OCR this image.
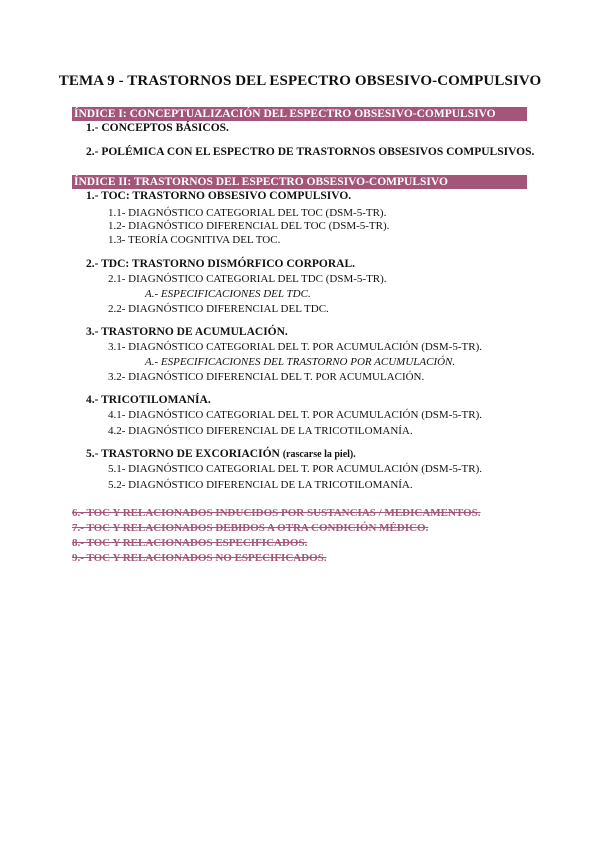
TEMA 9 - TRASTORNOS DEL ESPECTRO OBSESIVO-COMPULSIVO
ÍNDICE I: CONCEPTUALIZACIÓN DEL ESPECTRO OBSESIVO-COMPULSIVO
1.- CONCEPTOS BÁSICOS.
2.- POLÉMICA CON EL ESPECTRO DE TRASTORNOS OBSESIVOS COMPULSIVOS.
ÍNDICE II: TRASTORNOS DEL ESPECTRO OBSESIVO-COMPULSIVO
1.- TOC: TRASTORNO OBSESIVO COMPULSIVO.
1.1- DIAGNÓSTICO CATEGORIAL DEL TOC (DSM-5-TR).
1.2- DIAGNÓSTICO DIFERENCIAL DEL TOC (DSM-5-TR).
1.3- TEORÍA COGNITIVA DEL TOC.
2.- TDC: TRASTORNO DISMÓRFICO CORPORAL.
2.1- DIAGNÓSTICO CATEGORIAL DEL TDC (DSM-5-TR).
A.- ESPECIFICACIONES DEL TDC.
2.2- DIAGNÓSTICO DIFERENCIAL DEL TDC.
3.- TRASTORNO DE ACUMULACIÓN.
3.1- DIAGNÓSTICO CATEGORIAL DEL T. POR ACUMULACIÓN (DSM-5-TR).
A.- ESPECIFICACIONES DEL TRASTORNO POR ACUMULACIÓN.
3.2- DIAGNÓSTICO DIFERENCIAL DEL T. POR ACUMULACIÓN.
4.- TRICOTILOMANÍA.
4.1- DIAGNÓSTICO CATEGORIAL DEL T. POR ACUMULACIÓN (DSM-5-TR).
4.2- DIAGNÓSTICO DIFERENCIAL DE LA TRICOTILOMANÍA.
5.- TRASTORNO DE EXCORIACIÓN (rascarse la piel).
5.1- DIAGNÓSTICO CATEGORIAL DEL T. POR ACUMULACIÓN (DSM-5-TR).
5.2- DIAGNÓSTICO DIFERENCIAL DE LA TRICOTILOMANÍA.
6.- TOC Y RELACIONADOS INDUCIDOS POR SUSTANCIAS / MEDICAMENTOS.
7.- TOC Y RELACIONADOS DEBIDOS A OTRA CONDICIÓN MÉDICO.
8.- TOC Y RELACIONADOS ESPECIFICADOS.
9.- TOC Y RELACIONADOS NO ESPECIFICADOS.
